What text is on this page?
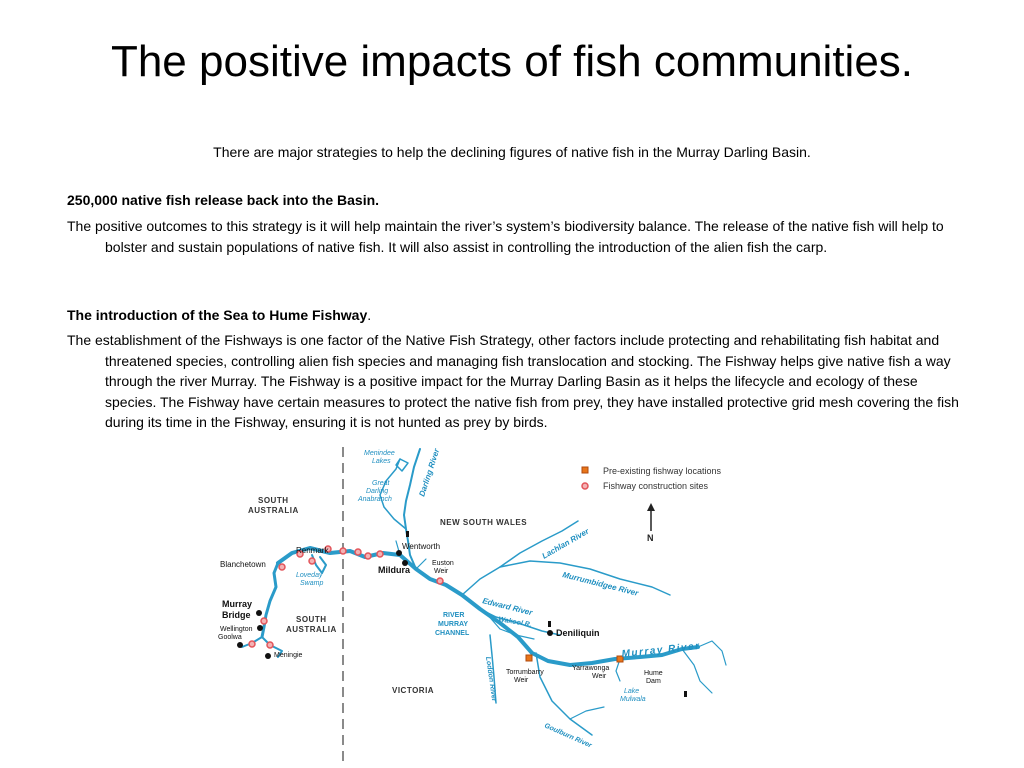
The positive impacts of fish communities.
There are major strategies to help the declining figures of native fish in the Murray Darling Basin.
250,000 native fish release back into the Basin.

The positive outcomes to this strategy is it will help maintain the river’s system’s biodiversity balance. The release of the native fish will help to bolster and sustain populations of native fish. It will also assist in controlling the introduction of the alien fish the carp.

The introduction of the Sea to Hume Fishway.

The establishment of the Fishways is one factor of the Native Fish Strategy, other factors include protecting and rehabilitating fish habitat and threatened species, controlling alien fish species and managing fish translocation and stocking. The Fishway helps give native fish a way through the river Murray. The Fishway is a positive impact for the Murray Darling Basin as it helps the lifecycle and ecology of these species. The Fishway have certain measures to protect the native fish from prey, they have installed protective grid mesh covering the fish during its time in the Fishway, ensuring it is not hunted as prey by birds.

Pre-existing fishway locations
Fishway construction sites
N
SOUTH
AUSTRALIA
SOUTH
AUSTRALIA
NEW SOUTH WALES
VICTORIA
Renmark	Wentworth
Mildura
Euston
Weir
Blanchetown
Murray
Bridge
Wellington
Goolwa
Meningie
Deniliquin
Torrumbarry
Weir
Yarrawonga
Weir	Hume
Dam
Menindee
Lakes
Great
Darling
Anabranch
Loveday
Swamp
Lake
Mulwala
Darling River
Lachlan River
Murrumbidgee River
Edward River
Wakool R.
Loddon River
Goulburn River
Murray River
RIVER
MURRAY
CHANNEL
